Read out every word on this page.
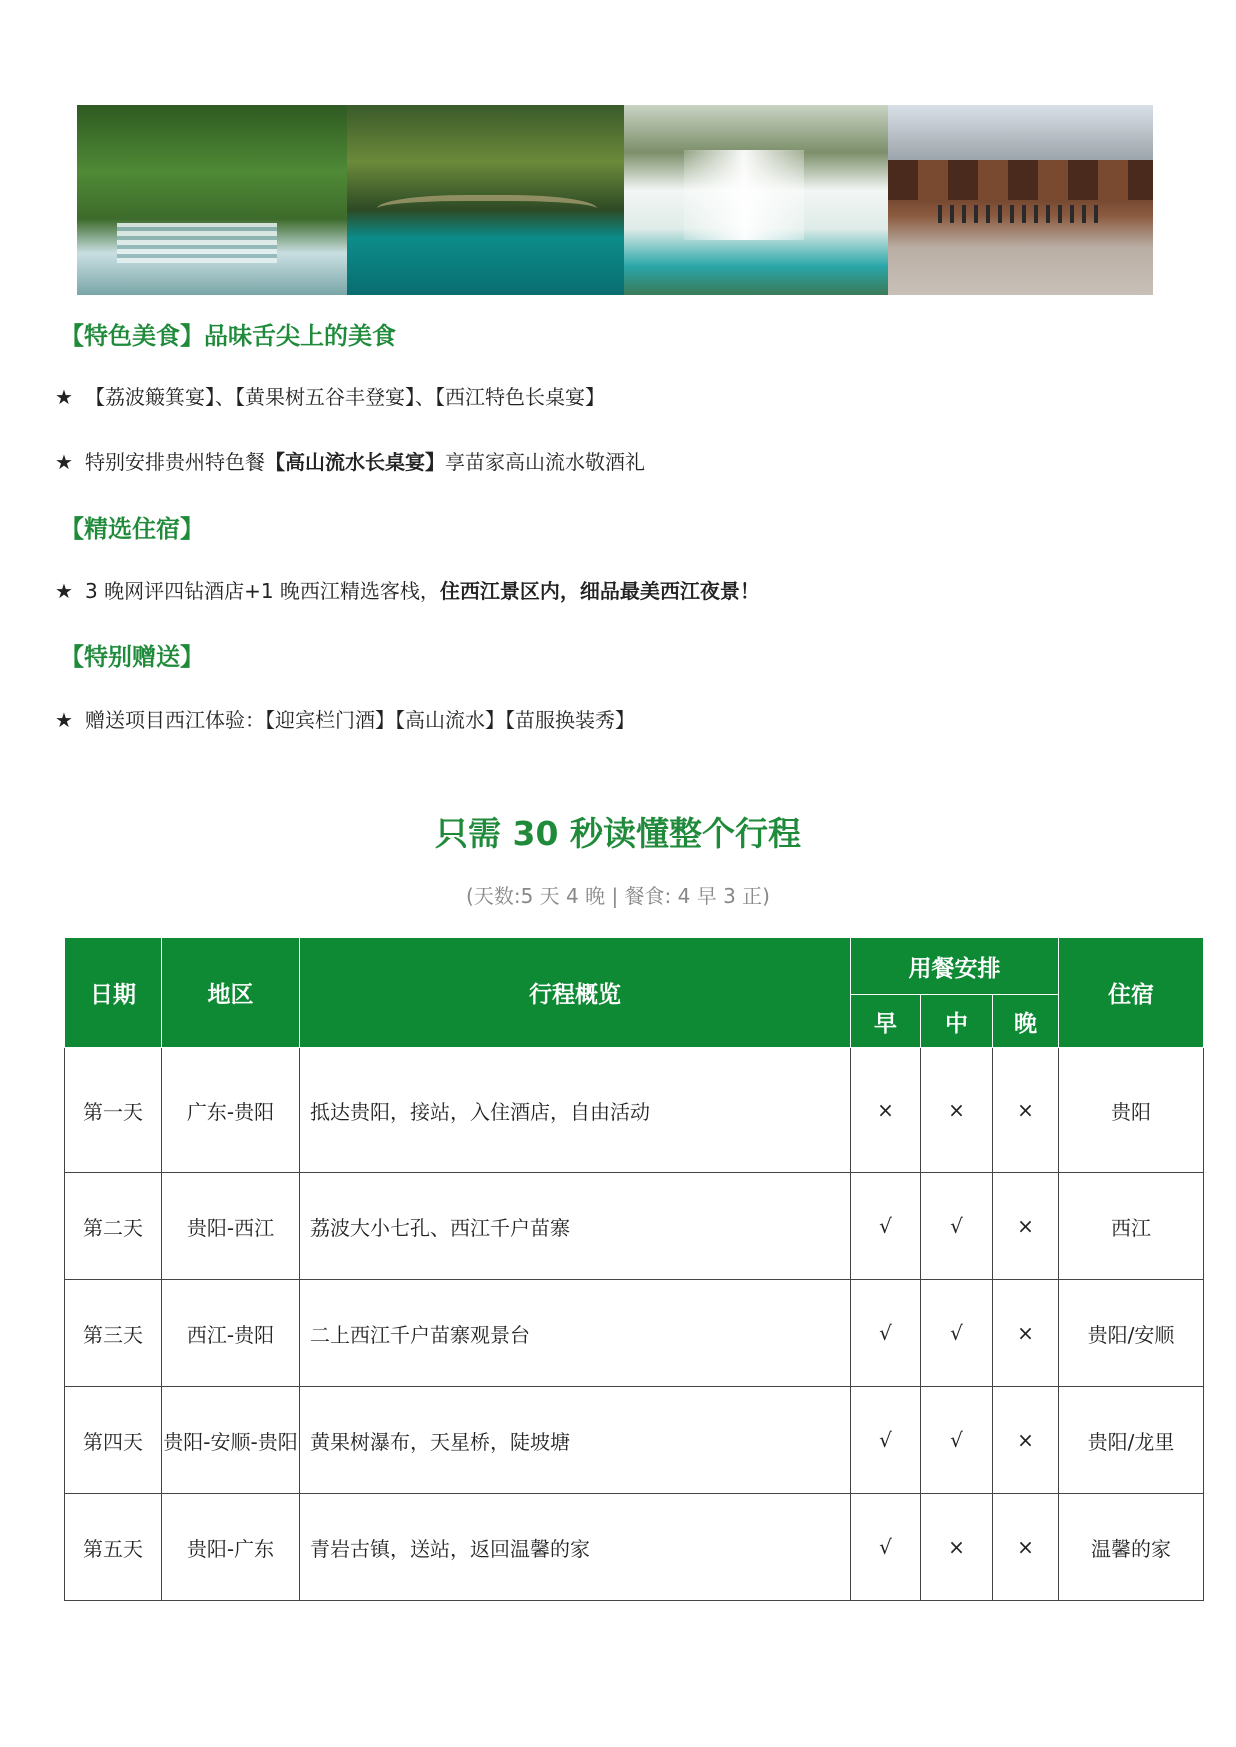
【特色美食】品味舌尖上的美食
★ 【荔波簸箕宴】、【黄果树五谷丰登宴】、【西江特色长桌宴】
★ 特别安排贵州特色餐【高山流水长桌宴】享苗家高山流水敬酒礼
【精选住宿】
★ 3 晚网评四钻酒店+1 晚西江精选客栈，住西江景区内，细品最美西江夜景！
【特别赠送】
★ 赠送项目西江体验：【迎宾栏门酒】【高山流水】【苗服换装秀】
只需 30 秒读懂整个行程
(天数:5 天 4 晚 | 餐食: 4 早 3 正)
日期	地区	行程概览	用餐安排			住宿
			早	中	晚	
第一天	广东-贵阳	抵达贵阳，接站，入住酒店，自由活动	×	×	×	贵阳
第二天	贵阳-西江	荔波大小七孔、西江千户苗寨	√	√	×	西江
第三天	西江-贵阳	二上西江千户苗寨观景台	√	√	×	贵阳/安顺
第四天	贵阳-安顺-贵阳	黄果树瀑布，天星桥，陡坡塘	√	√	×	贵阳/龙里
第五天	贵阳-广东	青岩古镇，送站，返回温馨的家	√	×	×	温馨的家
